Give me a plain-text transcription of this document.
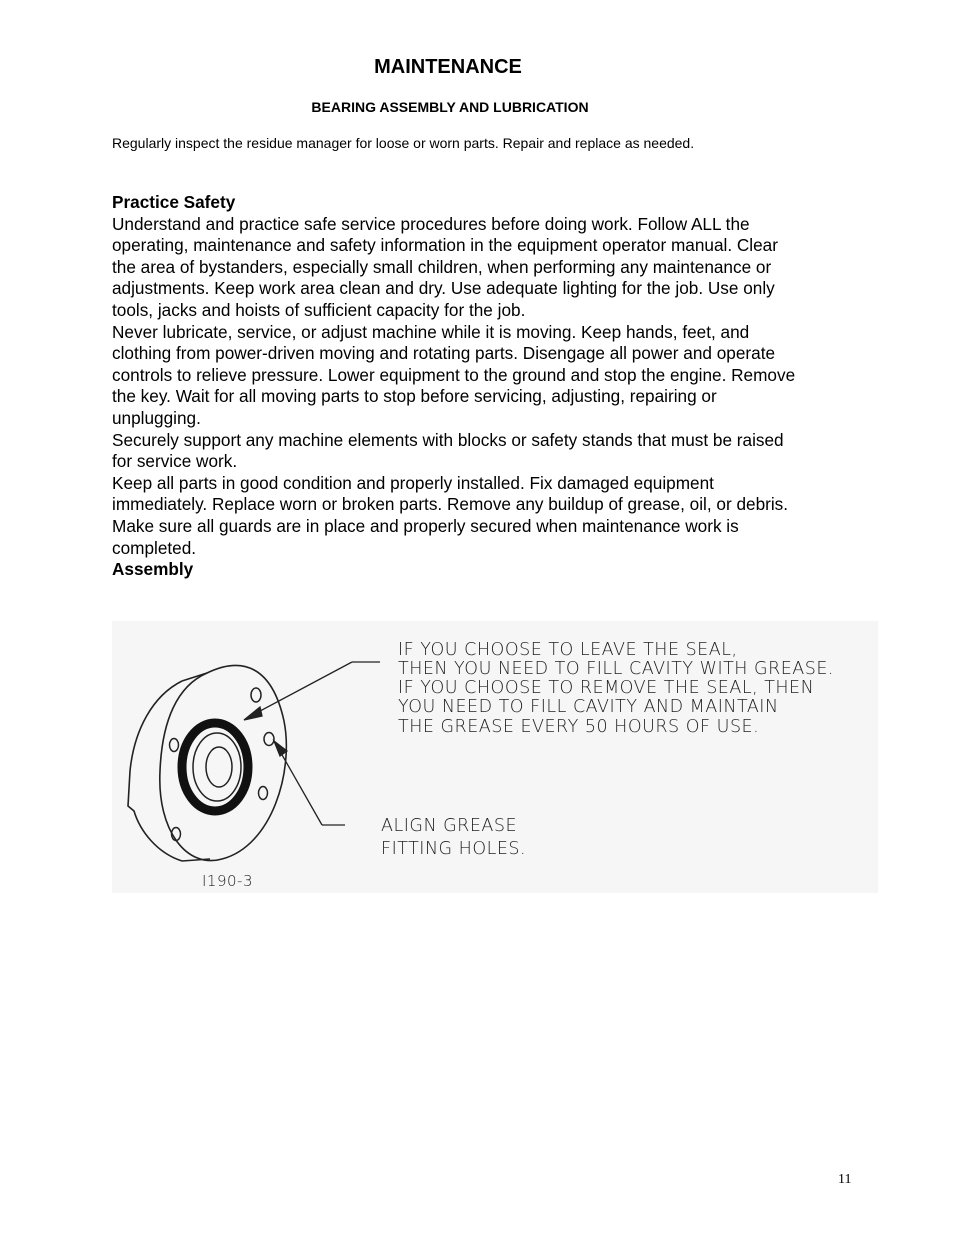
MAINTENANCE
BEARING ASSEMBLY AND LUBRICATION

Regularly inspect the residue manager for loose or worn parts. Repair and replace as needed.

Practice Safety

Understand and practice safe service procedures before doing work. Follow ALL the operating, maintenance and safety information in the equipment operator manual. Clear the area of bystanders, especially small children, when performing any maintenance or adjustments. Keep work area clean and dry. Use adequate lighting for the job. Use only tools, jacks and hoists of sufficient capacity for the job.

Never lubricate, service, or adjust machine while it is moving. Keep hands, feet, and clothing from power-driven moving and rotating parts. Disengage all power and operate controls to relieve pressure. Lower equipment to the ground and stop the engine. Remove the key. Wait for all moving parts to stop before servicing, adjusting, repairing or unplugging.

Securely support any machine elements with blocks or safety stands that must be raised for service work.

Keep all parts in good condition and properly installed. Fix damaged equipment immediately. Replace worn or broken parts. Remove any buildup of grease, oil, or debris.

Make sure all guards are in place and properly secured when maintenance work is completed.

Assembly

IF YOU CHOOSE TO LEAVE THE SEAL,
THEN YOU NEED TO FILL CAVITY WITH GREASE.
IF YOU CHOOSE TO REMOVE THE SEAL, THEN
YOU NEED TO FILL CAVITY AND MAINTAIN
THE GREASE EVERY 50 HOURS OF USE.
ALIGN GREASE
FITTING HOLES.
I190-3
11
